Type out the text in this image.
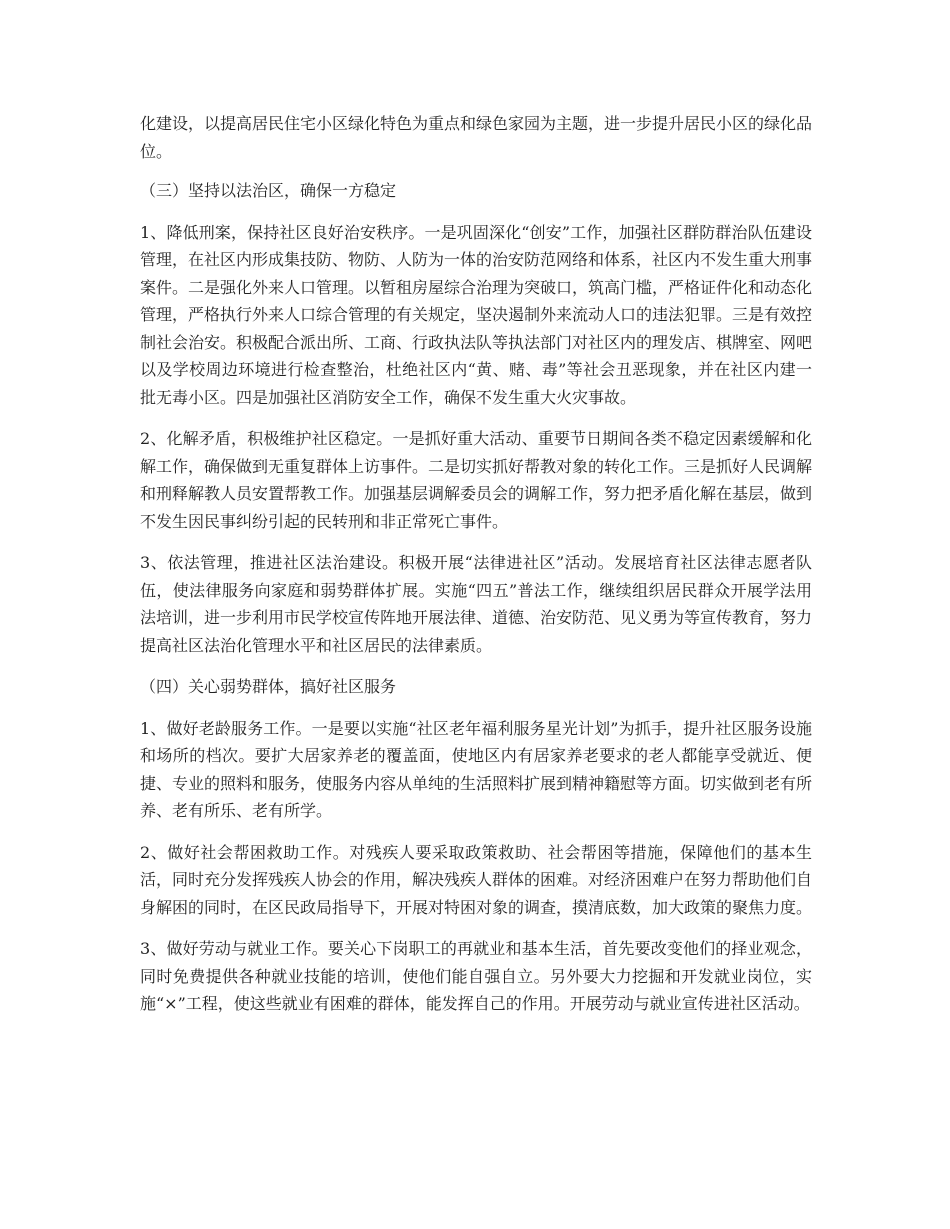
化建设，以提高居民住宅小区绿化特色为重点和绿色家园为主题，进一步提升居民小区的绿化品位。

（三）坚持以法治区，确保一方稳定

1、降低刑案，保持社区良好治安秩序。一是巩固深化“创安”工作，加强社区群防群治队伍建设管理，在社区内形成集技防、物防、人防为一体的治安防范网络和体系，社区内不发生重大刑事案件。二是强化外来人口管理。以暂租房屋综合治理为突破口，筑高门槛，严格证件化和动态化管理，严格执行外来人口综合管理的有关规定，坚决遏制外来流动人口的违法犯罪。三是有效控制社会治安。积极配合派出所、工商、行政执法队等执法部门对社区内的理发店、棋牌室、网吧以及学校周边环境进行检查整治，杜绝社区内“黄、赌、毒”等社会丑恶现象，并在社区内建一批无毒小区。四是加强社区消防安全工作，确保不发生重大火灾事故。

2、化解矛盾，积极维护社区稳定。一是抓好重大活动、重要节日期间各类不稳定因素缓解和化解工作，确保做到无重复群体上访事件。二是切实抓好帮教对象的转化工作。三是抓好人民调解和刑释解教人员安置帮教工作。加强基层调解委员会的调解工作，努力把矛盾化解在基层，做到不发生因民事纠纷引起的民转刑和非正常死亡事件。

3、依法管理，推进社区法治建设。积极开展“法律进社区”活动。发展培育社区法律志愿者队伍，使法律服务向家庭和弱势群体扩展。实施“四五”普法工作，继续组织居民群众开展学法用法培训，进一步利用市民学校宣传阵地开展法律、道德、治安防范、见义勇为等宣传教育，努力提高社区法治化管理水平和社区居民的法律素质。

（四）关心弱势群体，搞好社区服务

1、做好老龄服务工作。一是要以实施“社区老年福利服务星光计划”为抓手，提升社区服务设施和场所的档次。要扩大居家养老的覆盖面，使地区内有居家养老要求的老人都能享受就近、便捷、专业的照料和服务，使服务内容从单纯的生活照料扩展到精神籍慰等方面。切实做到老有所养、老有所乐、老有所学。

2、做好社会帮困救助工作。对残疾人要采取政策救助、社会帮困等措施，保障他们的基本生活，同时充分发挥残疾人协会的作用，解决残疾人群体的困难。对经济困难户在努力帮助他们自身解困的同时，在区民政局指导下，开展对特困对象的调查，摸清底数，加大政策的聚焦力度。

3、做好劳动与就业工作。要关心下岗职工的再就业和基本生活，首先要改变他们的择业观念，同时免费提供各种就业技能的培训，使他们能自强自立。另外要大力挖掘和开发就业岗位，实施“×”工程，使这些就业有困难的群体，能发挥自己的作用。开展劳动与就业宣传进社区活动。
